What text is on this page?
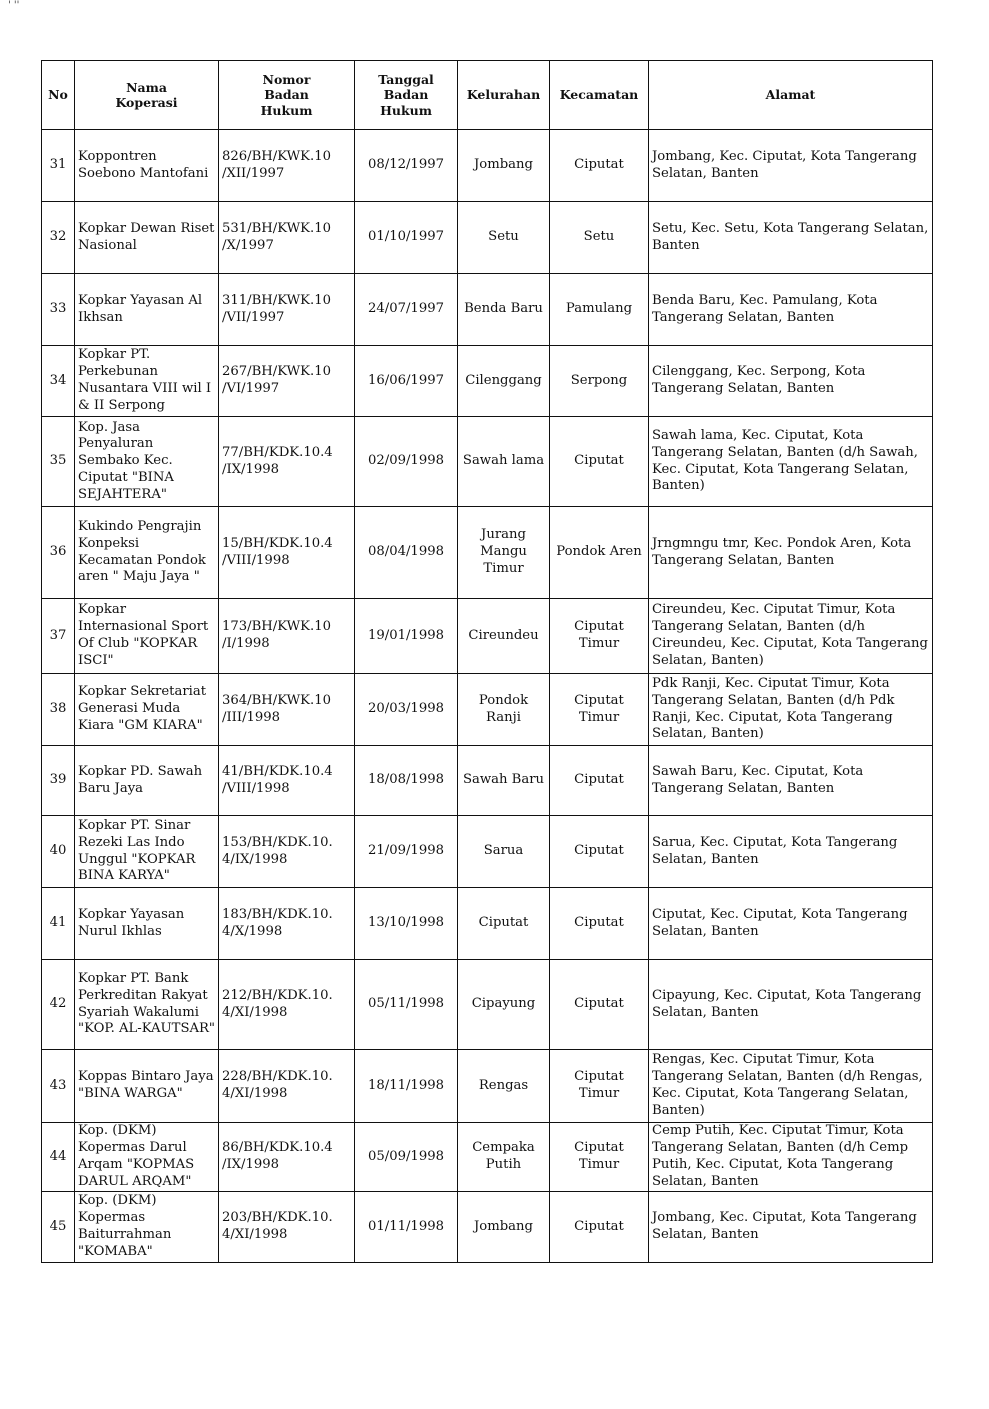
' ''
No	Nama Koperasi	Nomor Badan Hukum	Tanggal Badan Hukum	Kelurahan	Kecamatan	Alamat
31	Koppontren Soebono Mantofani	826/BH/KWK.10 /XII/1997	08/12/1997	Jombang	Ciputat	Jombang, Kec. Ciputat, Kota Tangerang Selatan, Banten
32	Kopkar Dewan Riset Nasional	531/BH/KWK.10 /X/1997	01/10/1997	Setu	Setu	Setu, Kec. Setu, Kota Tangerang Selatan, Banten
33	Kopkar Yayasan Al Ikhsan	311/BH/KWK.10 /VII/1997	24/07/1997	Benda Baru	Pamulang	Benda Baru, Kec. Pamulang, Kota Tangerang Selatan, Banten
34	Kopkar PT. Perkebunan Nusantara VIII wil I & II Serpong	267/BH/KWK.10 /VI/1997	16/06/1997	Cilenggang	Serpong	Cilenggang, Kec. Serpong, Kota Tangerang Selatan, Banten
35	Kop. Jasa Penyaluran Sembako Kec. Ciputat "BINA SEJAHTERA"	77/BH/KDK.10.4 /IX/1998	02/09/1998	Sawah lama	Ciputat	Sawah lama, Kec. Ciputat, Kota Tangerang Selatan, Banten (d/h Sawah, Kec. Ciputat, Kota Tangerang Selatan, Banten)
36	Kukindo Pengrajin Konpeksi Kecamatan Pondok aren " Maju Jaya "	15/BH/KDK.10.4 /VIII/1998	08/04/1998	Jurang Mangu Timur	Pondok Aren	Jrngmngu tmr, Kec. Pondok Aren, Kota Tangerang Selatan, Banten
37	Kopkar Internasional Sport Of Club "KOPKAR ISCI"	173/BH/KWK.10 /I/1998	19/01/1998	Cireundeu	Ciputat Timur	Cireundeu, Kec. Ciputat Timur, Kota Tangerang Selatan, Banten (d/h Cireundeu, Kec. Ciputat, Kota Tangerang Selatan, Banten)
38	Kopkar Sekretariat Generasi Muda Kiara "GM KIARA"	364/BH/KWK.10 /III/1998	20/03/1998	Pondok Ranji	Ciputat Timur	Pdk Ranji, Kec. Ciputat Timur, Kota Tangerang Selatan, Banten (d/h Pdk Ranji, Kec. Ciputat, Kota Tangerang Selatan, Banten)
39	Kopkar PD. Sawah Baru Jaya	41/BH/KDK.10.4 /VIII/1998	18/08/1998	Sawah Baru	Ciputat	Sawah Baru, Kec. Ciputat, Kota Tangerang Selatan, Banten
40	Kopkar PT. Sinar Rezeki Las Indo Unggul "KOPKAR BINA KARYA"	153/BH/KDK.10. 4/IX/1998	21/09/1998	Sarua	Ciputat	Sarua, Kec. Ciputat, Kota Tangerang Selatan, Banten
41	Kopkar Yayasan Nurul Ikhlas	183/BH/KDK.10. 4/X/1998	13/10/1998	Ciputat	Ciputat	Ciputat, Kec. Ciputat, Kota Tangerang Selatan, Banten
42	Kopkar PT. Bank Perkreditan Rakyat Syariah Wakalumi "KOP. AL-KAUTSAR"	212/BH/KDK.10. 4/XI/1998	05/11/1998	Cipayung	Ciputat	Cipayung, Kec. Ciputat, Kota Tangerang Selatan, Banten
43	Koppas Bintaro Jaya "BINA WARGA"	228/BH/KDK.10. 4/XI/1998	18/11/1998	Rengas	Ciputat Timur	Rengas, Kec. Ciputat Timur, Kota Tangerang Selatan, Banten (d/h Rengas, Kec. Ciputat, Kota Tangerang Selatan, Banten)
44	Kop. (DKM) Kopermas Darul Arqam "KOPMAS DARUL ARQAM"	86/BH/KDK.10.4 /IX/1998	05/09/1998	Cempaka Putih	Ciputat Timur	Cemp Putih, Kec. Ciputat Timur, Kota Tangerang Selatan, Banten (d/h Cemp Putih, Kec. Ciputat, Kota Tangerang Selatan, Banten
45	Kop. (DKM) Kopermas Baiturrahman "KOMABA"	203/BH/KDK.10. 4/XI/1998	01/11/1998	Jombang	Ciputat	Jombang, Kec. Ciputat, Kota Tangerang Selatan, Banten
